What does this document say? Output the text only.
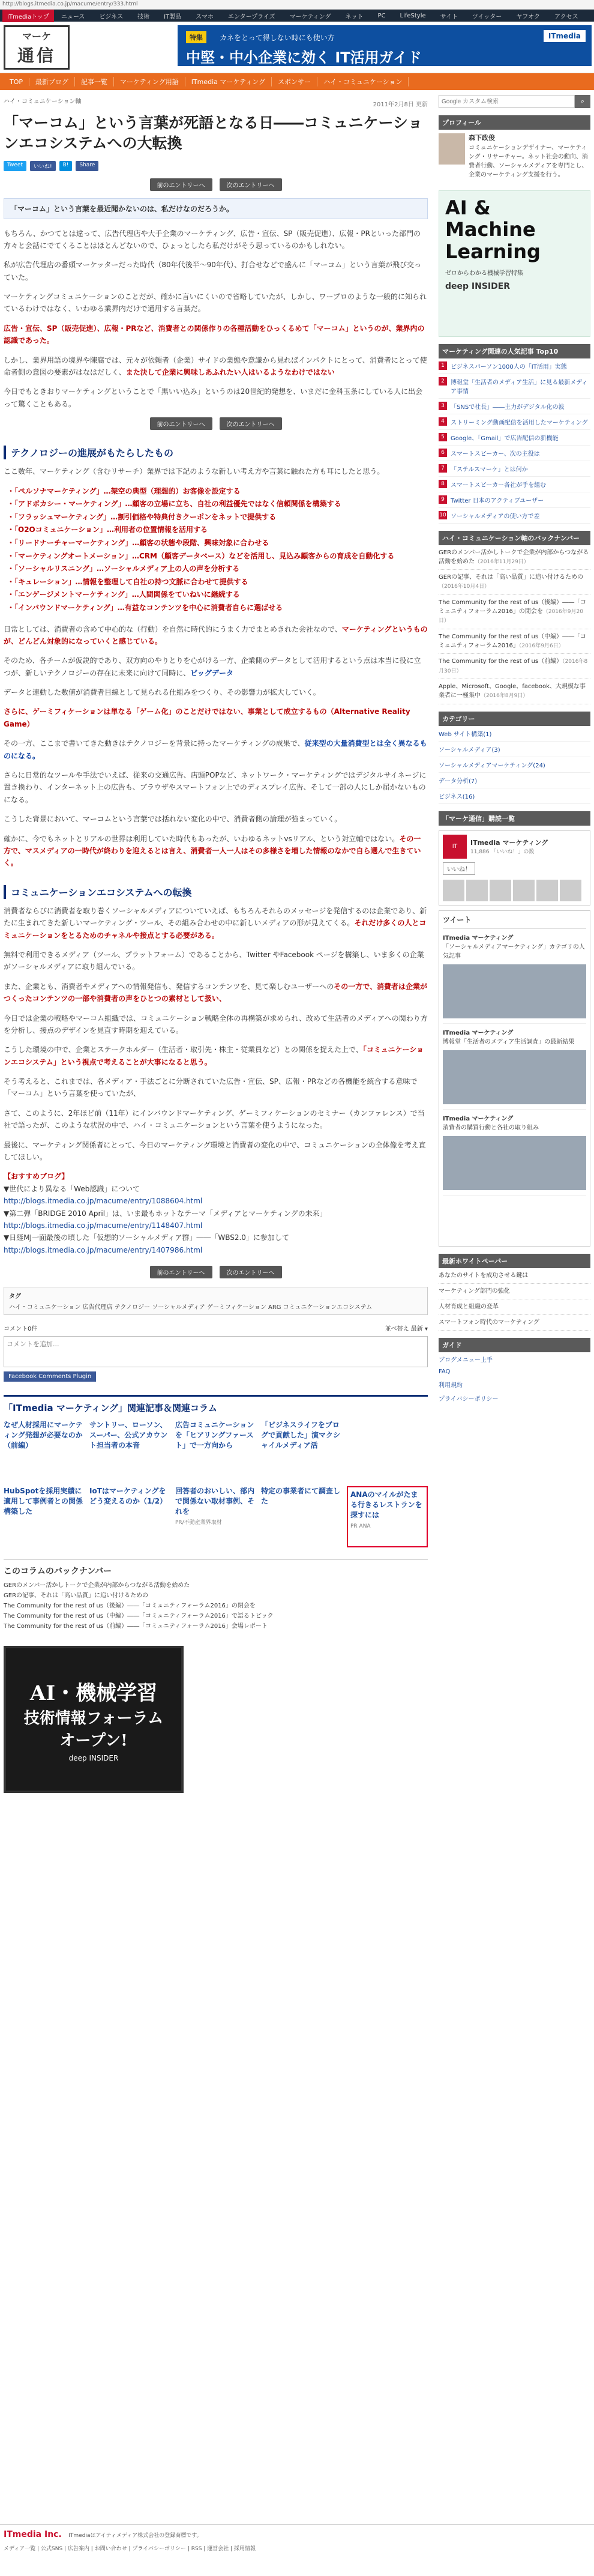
http://blogs.itmedia.co.jp/macume/entry/333.html
ITmediaトップ	ニュース	ビジネス	技術	IT製品	スマホ	エンタープライズ	マーケティング	ネット	PC	LifeStyle	サイト	ツイッター	ヤフオク	アクセス
マーケ
通信
特集	カネをとって得しない時にも使い方
中堅・中小企業に効く IT活用ガイド
ITmedia
TOP	最新ブログ	記事一覧	マーケティング用語	ITmedia マーケティング	スポンサー	ハイ・コミュニケーション
ハイ・コミュニケーション軸	2011年2月8日 更新
「マーコム」という言葉が死語となる日――コミュニケーションエコシステムへの大転換
Tweet	いいね!	B!	Share
前のエントリーへ	次のエントリーへ
「マーコム」という言葉を最近聞かないのは、私だけなのだろうか。

もちろん、かつてとは違って、広告代理店や大手企業のマーケティング、広告・宣伝、SP（販売促進）、広報・PRといった部門の方々と会話にでてくることはほとんどないので、ひょっとしたら私だけがそう思っているのかもしれない。

私が広告代理店の番頭マーケッターだった時代（80年代後半〜90年代）、打合せなどで盛んに「マーコム」という言葉が飛び交っていた。

マーケティングコミュニケーションのことだが、確かに言いにくいので省略していたが、しかし、ワープロのような一般的に知られているわけではなく、いわゆる業界内だけで通用する言葉だ。

広告・宣伝、SP（販売促進）、広報・PRなど、消費者との関係作りの各種活動をひっくるめて「マーコム」というのが、業界内の認識であった。

しかし、業界用語の境界や陳腐では、元々が依頼者（企業）サイドの業態や意識から見ればインパクトにとって、消費者にとって使命者側の意図の要素がはなはだしく、また決して企業に興味しあふれたい人はいるようなわけではない

今日でもときおりマーケティングということで「黒いい込み」というのは20世紀的発想を、いまだに金科玉条にしている人に出会って驚くこともある。

前のエントリーへ	次のエントリーへ
テクノロジーの進展がもたらしたもの

ここ数年、マーケティング（含むリサーチ）業界では下記のような新しい考え方や言葉に触れた方も耳にしたと思う。

・「ペルソナマーケティング」…架空の典型（理想的）お客像を設定する
・「アドボカシー・マーケティング」…顧客の立場に立ち、自社の利益優先ではなく信頼関係を構築する
・「フラッシュマーケティング」…割引価格や特典付きクーポンをネットで提供する
・「O2Oコミュニケーション」…利用者の位置情報を活用する
・「リードナーチャーマーケティング」…顧客の状態や段階、興味対象に合わせる
・「マーケティングオートメーション」…CRM（顧客データベース）などを活用し、見込み顧客からの育成を自動化する
・「ソーシャルリスニング」…ソーシャルメディア上の人の声を分析する
・「キュレーション」…情報を整理して自社の持つ文脈に合わせて提供する
・「エンゲージメントマーケティング」…人間関係をていねいに継続する
・「インバウンドマーケティング」…有益なコンテンツを中心に消費者自らに選ばせる

日常としては、消費者の含めて中心的な（行動）を自然に時代的にうまく力でまとめきれた会社なので、マーケティングというものが、どんどん対象的になっていくと感じている。

そのため、各チームが仮説的であり、双方向のやりとりを心がける一方、企業側のデータとして活用するという点は本当に役に立つが、新しいテクノロジーの存在に未来に向けて同時に、ビッグデータ

データと連動した数値が消費者目線として見られる仕組みをつくり、その影響力が拡大していく。

さらに、ゲーミフィケーションは単なる「ゲーム化」のことだけではない、事業として成立するもの（Alternative Reality Game）

その一方、ここまで書いてきた動きはテクノロジーを背景に持ったマーケティングの成果で、従来型の大量消費型とは全く異なるものになる。

さらに日常的なツールや手法でいえば、従来の交通広告、店頭POPなど、ネットワーク・マーケティングではデジタルサイネージに置き換わり、インターネット上の広告も、ブラウザやスマートフォン上でのディスプレイ広告、そして一部の人にしか届かないものになる。

こうした背景において、マーコムという言葉では括れない変化の中で、消費者側の論理が強まっていく。

確かに、今でもネットとリアルの世界は利用していた時代もあったが、いわゆるネットvsリアル、という対立軸ではない。その一方で、マスメディアの一時代が終わりを迎えるとは言え、消費者一人一人はその多様さを増した情報のなかで自ら選んで生きていく。

コミュニケーションエコシステムへの転換

消費者ならびに消費者を取り巻くソーシャルメディアについていえば、もちろんそれらのメッセージを発信するのは企業であり、新たに生まれてきた新しいマーケティング・ツール、その組み合わせの中に新しいメディアの形が見えてくる。それだけ多くの人とコミュニケーションをとるためのチャネルや接点とする必要がある。

無料で利用できるメディア（ツール、プラットフォーム）であることから、Twitter やFacebook ページを構築し、いま多くの企業がソーシャルメディアに取り組んでいる。

また、企業とも、消費者やメディアへの情報発信も、発信するコンテンツを、見て楽しむユーザーへのその一方で、消費者は企業がつくったコンテンツの一部や消費者の声をひとつの素材として扱い、

今日では企業の戦略やマーコム組織では、コミュニケーション戦略全体の再構築が求められ、改めて生活者のメディアへの関わり方を分析し、接点のデザインを見直す時期を迎えている。

こうした環境の中で、企業とステークホルダー（生活者・取引先・株主・従業員など）との関係を捉えた上で、「コミュニケーションエコシステム」という視点で考えることが大事になると思う。

そう考えると、これまでは、各メディア・手法ごとに分断されていた広告・宣伝、SP、広報・PRなどの各機能を統合する意味で「マーコム」という言葉を使っていたが、

さて、このように、2年ほど前（11年）にインバウンドマーケティング、ゲーミフィケーションのセミナー（カンファレンス）で当社で語ったが、このような状況の中で、ハイ・コミュニケーションという言葉を使うようになった。

最後に、マーケティング関係者にとって、今日のマーケティング環境と消費者の変化の中で、コミュニケーションの全体像を考え直してほしい。

【おすすめブログ】
▼世代により異なる「Web認識」について
http://blogs.itmedia.co.jp/macume/entry/1088604.html
▼第二弾「BRIDGE 2010 April」は、いま最もホットなテーマ「メディアとマーケティングの未来」
http://blogs.itmedia.co.jp/macume/entry/1148407.html
▼日経MJ一面最後の頃した「仮想的ソーシャルメディア群」――「WBS2.0」に参加して
http://blogs.itmedia.co.jp/macume/entry/1407986.html
前のエントリーへ	次のエントリーへ
タグ
ハイ・コミュニケーション 広告代理店 テクノロジー ソーシャルメディア ゲーミフィケーション ARG コミュニケーションエコシステム
コメント0件	並べ替え 最新 ▾
コメントを追加... Facebook Comments Plugin
「ITmedia マーケティング」関連記事＆関連コラム
なぜ人材採用にマーケティング発想が必要なのか（前編）
サントリー、ローソン、スーパー、公式アカウント担当者の本音
広告コミュニケーションを「ヒアリングファースト」で一方向から
「ビジネスライフをブログで貢献した」演マクシャイルメディア活
HubSpotを採用実績に適用して事例者との関係構築した
IoTはマーケティングをどう変えるのか（1/2）
回答者のおいしい、部内で関係ない取材事例、それを
PR/不動産業界取材
特定の事業者にて調査した
ANAのマイルがたまる行きるレストランを探すには
PR ANA
このコラムのバックナンバー
GERのメンバー活かしトークで企業が内部からつながる活動を始めた
GERの記事、それは「高い品質」に追い付けるための
The Community for the rest of us（後編）――「コミュニティフォーラム2016」の閉会を
The Community for the rest of us（中編）――「コミュニティフォーラム2016」で語るトピック
The Community for the rest of us（前編）――「コミュニティフォーラム2016」会場レポート
AI・機械学習
技術情報フォーラム
オープン!
deep INSIDER
Google カスタム検索
⌕
プロフィール
森下政俊
コミュニケーションデザイナー、マーケティング・リサーチャー。ネット社会の動向、消費者行動、ソーシャルメディアを専門とし、企業のマーケティング支援を行う。
AI & Machine Learning
ゼロからわかる機械学習特集
deep INSIDER
マーケティング関連の人気記事 Top10
1	ビジネスパーソン1000人の「IT活用」実態
2	博報堂「生活者のメディア生活」に見る最新メディア事情
3	「SNSで社長」――主力がデジタル化の波
4	ストリーミング動画配信を活用したマーケティング
5	Google、「Gmail」で広告配信の新機能
6	スマートスピーカー、次の主役は
7	「ステルスマーケ」とは何か
8	スマートスピーカー各社が手を組む
9	Twitter 日本のアクティブユーザー
10 ソーシャルメディアの使い方で差
ハイ・コミュニケーション軸のバックナンバー
GERのメンバー活かしトークで企業が内部からつながる活動を始めた（2016年11月29日）
GERの記事、それは「高い品質」に追い付けるための（2016年10月4日）
The Community for the rest of us（後編）――「コミュニティフォーラム2016」の閉会を（2016年9月20日）
The Community for the rest of us（中編）――「コミュニティフォーラム2016」（2016年9月6日）
The Community for the rest of us（前編）（2016年8月30日）
Apple、Microsoft、Google、facebook、大規模な事業者に一極集中（2016年8月9日）
カテゴリー
Web サイト構築(1)
ソーシャルメディア(3)
ソーシャルメディアマーケティング(24)
データ分析(7)
ビジネス(16)
「マーケ通信」購読一覧
IT	ITmedia マーケティング
11,886 「いいね！」の数
いいね！
ツイート
ITmedia マーケティング
「ソーシャルメディアマーケティング」カテゴリの人気記事
ITmedia マーケティング
博報堂「生活者のメディア生活調査」の最新結果
ITmedia マーケティング
消費者の購買行動と各社の取り組み
最新ホワイトペーパー
あなたのサイトを成功させる鍵は
マーケティング部門の強化
人材育成と組織の変革
スマートフォン時代のマーケティング
ガイド
ブログメニュー上手
FAQ
利用規約
プライバシーポリシー
ITmedia Inc. ITmediaはアイティメディア株式会社の登録商標です。
メディア一覧 | 公式SNS | 広告案内 | お問い合わせ | プライバシーポリシー | RSS | 運営会社 | 採用情報
